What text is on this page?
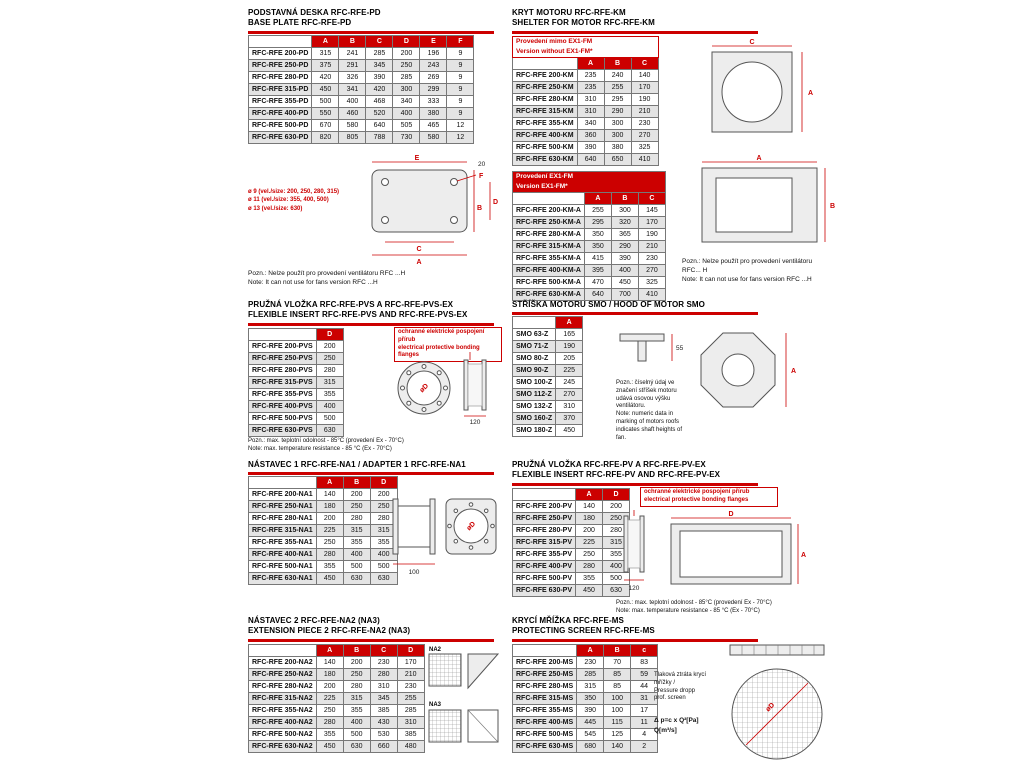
PODSTAVNÁ DESKA RFC-RFE-PD
BASE PLATE RFC-RFE-PD
	A	B	C	D	E	F
RFC-RFE 200-PD	315	241	285	200	196	9
RFC-RFE 250-PD	375	291	345	250	243	9
RFC-RFE 280-PD	420	326	390	285	269	9
RFC-RFE 315-PD	450	341	420	300	299	9
RFC-RFE 355-PD	500	400	468	340	333	9
RFC-RFE 400-PD	550	460	520	400	380	9
RFC-RFE 500-PD	670	580	640	505	465	12
RFC-RFE 630-PD	820	805	788	730	580	12
ø 9 (vel./size: 200, 250, 280, 315)
ø 11 (vel./size: 355, 400, 500)
ø 13 (vel./size: 630)
E
20
F
B
D
C
A
Pozn.: Nelze použít pro provedení ventilátoru RFC ...H
Note: It can not use for fans version RFC ...H
PRUŽNÁ VLOŽKA RFC-RFE-PVS A RFC-RFE-PVS-EX
FLEXIBLE INSERT RFC-RFE-PVS AND RFC-RFE-PVS-EX
	D
RFC-RFE 200-PVS	200
RFC-RFE 250-PVS	250
RFC-RFE 280-PVS	280
RFC-RFE 315-PVS	315
RFC-RFE 355-PVS	355
RFC-RFE 400-PVS	400
RFC-RFE 500-PVS	500
RFC-RFE 630-PVS	630
ochranné elektrické pospojení přírub
electrical protective bonding flanges
øD
120
Pozn.: max. teplotní odolnost - 85°C (provedení Ex - 70°C)
Note: max. temperature resistance - 85 °C (Ex - 70°C)
NÁSTAVEC 1 RFC-RFE-NA1 / ADAPTER 1 RFC-RFE-NA1
	A	B	D
RFC-RFE 200-NA1	140	200	200
RFC-RFE 250-NA1	180	250	250
RFC-RFE 280-NA1	200	280	280
RFC-RFE 315-NA1	225	315	315
RFC-RFE 355-NA1	250	355	355
RFC-RFE 400-NA1	280	400	400
RFC-RFE 500-NA1	355	500	500
RFC-RFE 630-NA1	450	630	630
100
øD
NÁSTAVEC 2 RFC-RFE-NA2 (NA3)
EXTENSION PIECE 2 RFC-RFE-NA2 (NA3)
	A	B	C	D
RFC-RFE 200-NA2	140	200	230	170
RFC-RFE 250-NA2	180	250	280	210
RFC-RFE 280-NA2	200	280	310	230
RFC-RFE 315-NA2	225	315	345	255
RFC-RFE 355-NA2	250	355	385	285
RFC-RFE 400-NA2	280	400	430	310
RFC-RFE 500-NA2	355	500	530	385
RFC-RFE 630-NA2	450	630	660	480
NA2
NA3
KRYT MOTORU RFC-RFE-KM
SHELTER FOR MOTOR RFC-RFE-KM
Provedení mimo EX1-FM
Version without EX1-FM*			
	A	B	C
RFC-RFE 200-KM	235	240	140
RFC-RFE 250-KM	235	255	170
RFC-RFE 280-KM	310	295	190
RFC-RFE 315-KM	310	290	210
RFC-RFE 355-KM	340	300	230
RFC-RFE 400-KM	360	300	270
RFC-RFE 500-KM	390	380	325
RFC-RFE 630-KM	640	650	410
Provedení EX1-FM
Version EX1-FM*			
	A	B	C
RFC-RFE 200-KM-A	255	300	145
RFC-RFE 250-KM-A	295	320	170
RFC-RFE 280-KM-A	350	365	190
RFC-RFE 315-KM-A	350	290	210
RFC-RFE 355-KM-A	415	390	230
RFC-RFE 400-KM-A	395	400	270
RFC-RFE 500-KM-A	470	450	325
RFC-RFE 630-KM-A	640	700	410
C
A
A
B
Pozn.: Nelze použít pro provedení ventilátoru RFC... H
Note: It can not use for fans version RFC ...H
STŘÍŠKA MOTORU SMO / HOOD OF MOTOR SMO
	A
SMO 63-Z	165
SMO 71-Z	190
SMO 80-Z	205
SMO 90-Z	225
SMO 100-Z	245
SMO 112-Z	270
SMO 132-Z	310
SMO 160-Z	370
SMO 180-Z	450
55
A
Pozn.: číselný údaj ve značení stříšek motoru udává osovou výšku ventilátoru.
Note: numeric data in marking of motors roofs indicates shaft heights of fan.
PRUŽNÁ VLOŽKA RFC-RFE-PV A RFC-RFE-PV-EX
FLEXIBLE INSERT RFC-RFE-PV AND RFC-RFE-PV-EX
ochranné elektrické pospojení přírub
electrical protective bonding flanges
	A	D
RFC-RFE 200-PV	140	200
RFC-RFE 250-PV	180	250
RFC-RFE 280-PV	200	280
RFC-RFE 315-PV	225	315
RFC-RFE 355-PV	250	355
RFC-RFE 400-PV	280	400
RFC-RFE 500-PV	355	500
RFC-RFE 630-PV	450	630 120
D
A
Pozn.: max. teplotní odolnost - 85°C (provedení Ex - 70°C)
Note: max. temperature resistance - 85 °C (Ex - 70°C)
KRYCÍ MŘÍŽKA RFC-RFE-MS
PROTECTING SCREEN RFC-RFE-MS
	A	B	c
RFC-RFE 200-MS	230	70	83
RFC-RFE 250-MS	285	85	59
RFC-RFE 280-MS	315	85	44
RFC-RFE 315-MS	350	100	31
RFC-RFE 355-MS	390	100	17
RFC-RFE 400-MS	445	115	11
RFC-RFE 500-MS	545	125	4
RFC-RFE 630-MS	680	140	2
Tlaková ztráta krycí mřížky /
Pressure dropp
prof. screen
Δ p=c x Q²[Pa]
Q[m³/s]
øD
